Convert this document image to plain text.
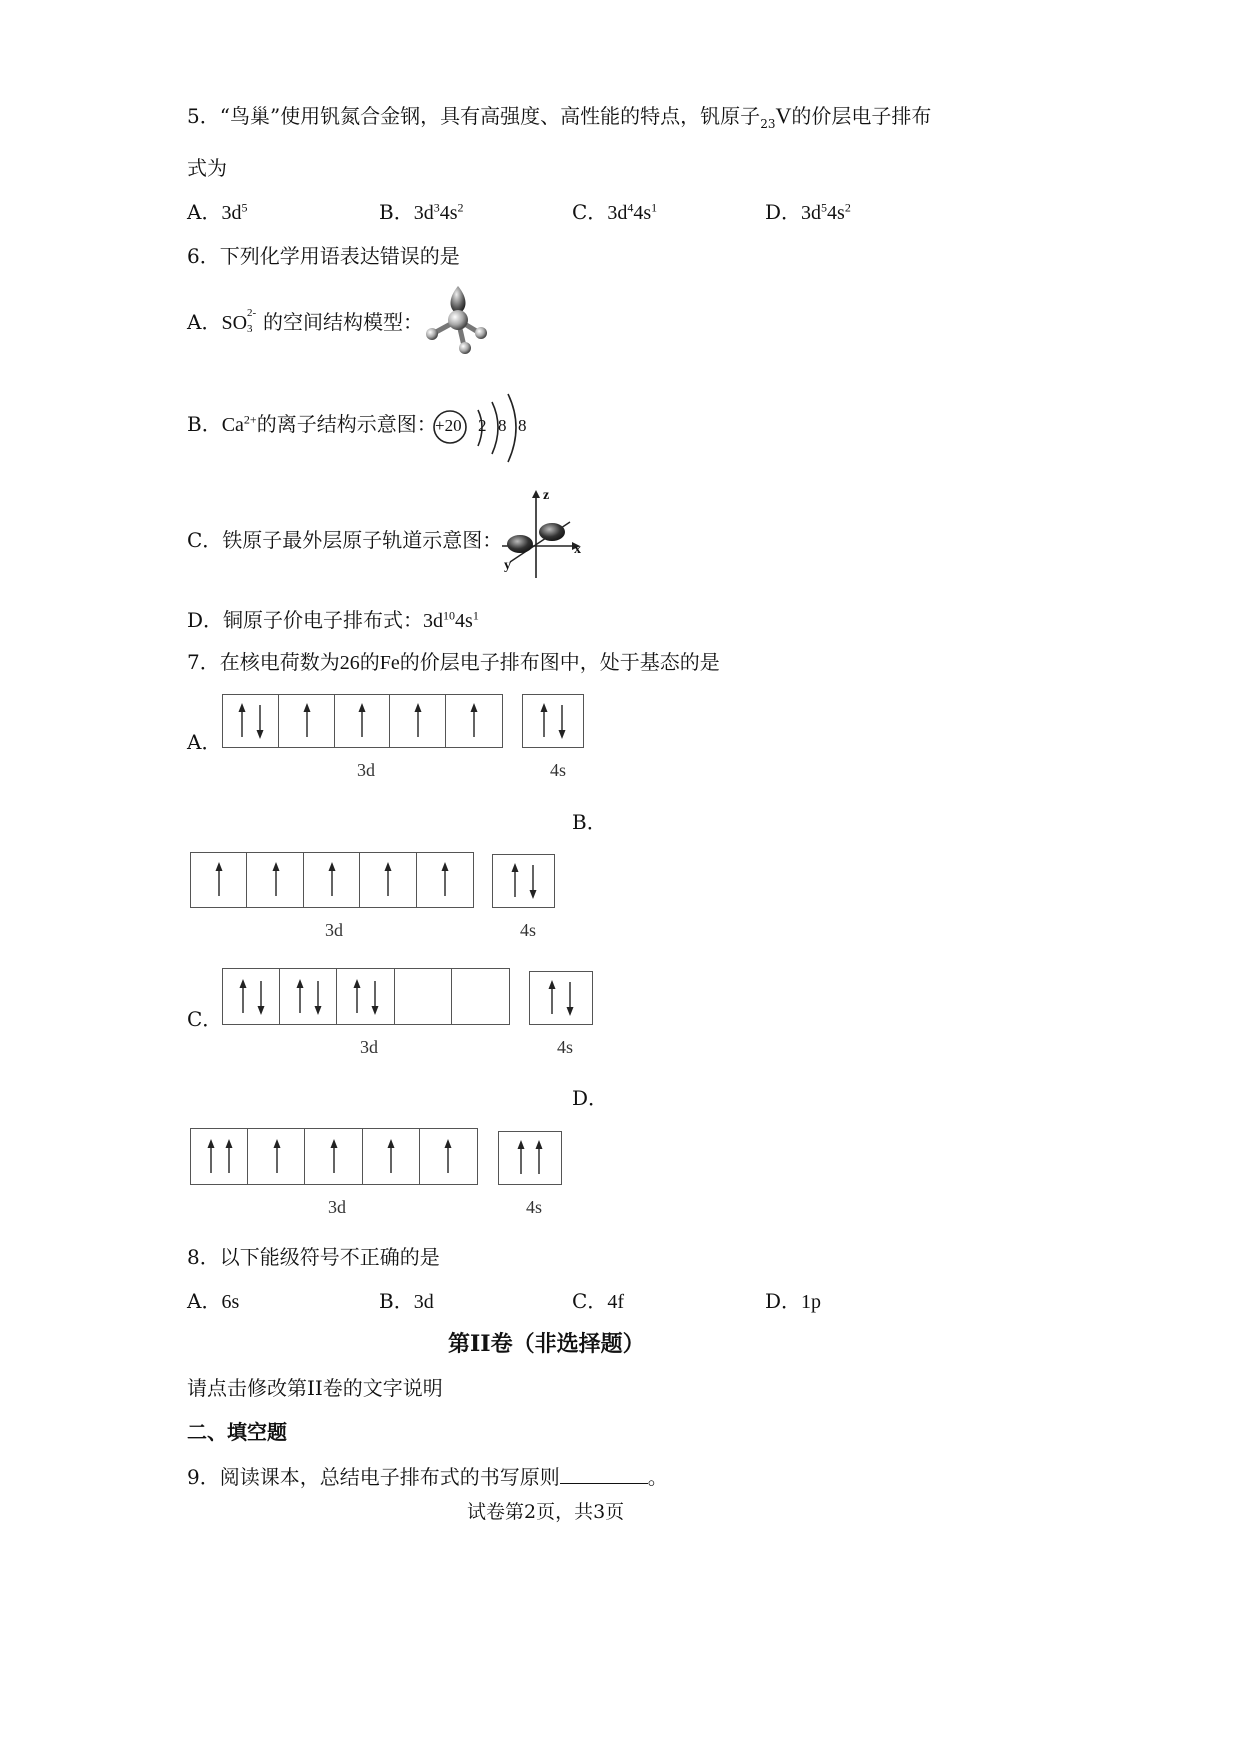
5．“鸟巢”使用钒氮合金钢，具有高强度、高性能的特点，钒原子$_{23}$V的价层电子排布
式为
A．$3d^5$	B．$3d^34s^2$	C．$3d^44s^1$	D．$3d^54s^2$
6．下列化学用语表达错误的是
A．SO 2-
3 的空间结构模型：
B．$Ca^{2+}$的离子结构示意图：
+20 2 8 8
C．铁原子最外层原子轨道示意图：
z
x
y
D．铜原子价电子排布式：$3d^{10}4s^1$
7．在核电荷数为26的Fe的价层电子排布图中，处于基态的是
A．
3d	4s
B．
3d	4s
C．
3d	4s
D．
3d	4s
8．以下能级符号不正确的是
A．6s	B．3d	C．4f	D．1p
第II卷（非选择题）
请点击修改第II卷的文字说明
二、填空题
9．阅读课本，总结电子排布式的书写原则	。
试卷第2页，共3页
